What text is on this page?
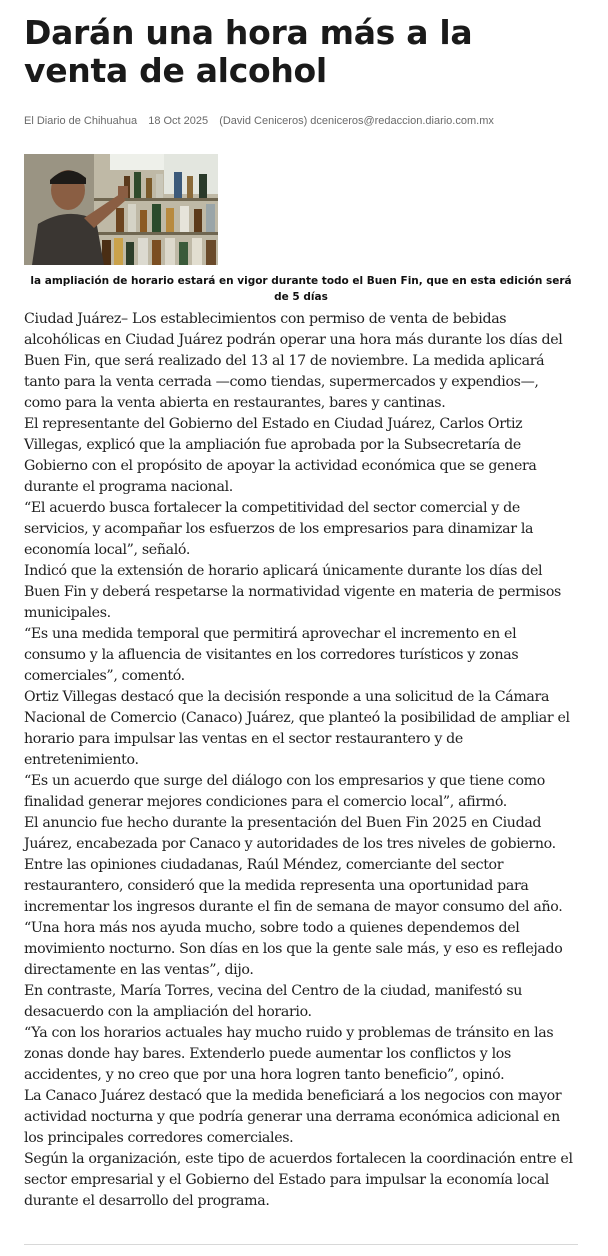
Darán una hora más a la venta de alcohol
El Diario de Chihuahua 18 Oct 2025 (David Ceniceros) dceniceros@redaccion.diario.com.mx
la ampliación de horario estará en vigor durante todo el Buen Fin, que en esta edición será de 5 días

Ciudad Juárez– Los establecimientos con permiso de venta de bebidas alcohólicas en Ciudad Juárez podrán operar una hora más durante los días del Buen Fin, que será realizado del 13 al 17 de noviembre. La medida aplicará tanto para la venta cerrada —como tiendas, supermercados y expendios—, como para la venta abierta en restaurantes, bares y cantinas.

El representante del Gobierno del Estado en Ciudad Juárez, Carlos Ortiz Villegas, explicó que la ampliación fue aprobada por la Subsecretaría de Gobierno con el propósito de apoyar la actividad económica que se genera durante el programa nacional.

“El acuerdo busca fortalecer la competitividad del sector comercial y de servicios, y acompañar los esfuerzos de los empresarios para dinamizar la economía local”, señaló.

Indicó que la extensión de horario aplicará únicamente durante los días del Buen Fin y deberá respetarse la normatividad vigente en materia de permisos municipales.

“Es una medida temporal que permitirá aprovechar el incremento en el consumo y la afluencia de visitantes en los corredores turísticos y zonas comerciales”, comentó.

Ortiz Villegas destacó que la decisión responde a una solicitud de la Cámara Nacional de Comercio (Canaco) Juárez, que planteó la posibilidad de ampliar el horario para impulsar las ventas en el sector restaurantero y de entretenimiento.

“Es un acuerdo que surge del diálogo con los empresarios y que tiene como finalidad generar mejores condiciones para el comercio local”, afirmó.

El anuncio fue hecho durante la presentación del Buen Fin 2025 en Ciudad Juárez, encabezada por Canaco y autoridades de los tres niveles de gobierno.

Entre las opiniones ciudadanas, Raúl Méndez, comerciante del sector restaurantero, consideró que la medida representa una oportunidad para incrementar los ingresos durante el fin de semana de mayor consumo del año.

“Una hora más nos ayuda mucho, sobre todo a quienes dependemos del movimiento nocturno. Son días en los que la gente sale más, y eso es reflejado directamente en las ventas”, dijo.

En contraste, María Torres, vecina del Centro de la ciudad, manifestó su desacuerdo con la ampliación del horario.

“Ya con los horarios actuales hay mucho ruido y problemas de tránsito en las zonas donde hay bares. Extenderlo puede aumentar los conflictos y los accidentes, y no creo que por una hora logren tanto beneficio”, opinó.

La Canaco Juárez destacó que la medida beneficiará a los negocios con mayor actividad nocturna y que podría generar una derrama económica adicional en los principales corredores comerciales.

Según la organización, este tipo de acuerdos fortalecen la coordinación entre el sector empresarial y el Gobierno del Estado para impulsar la economía local durante el desarrollo del programa.
